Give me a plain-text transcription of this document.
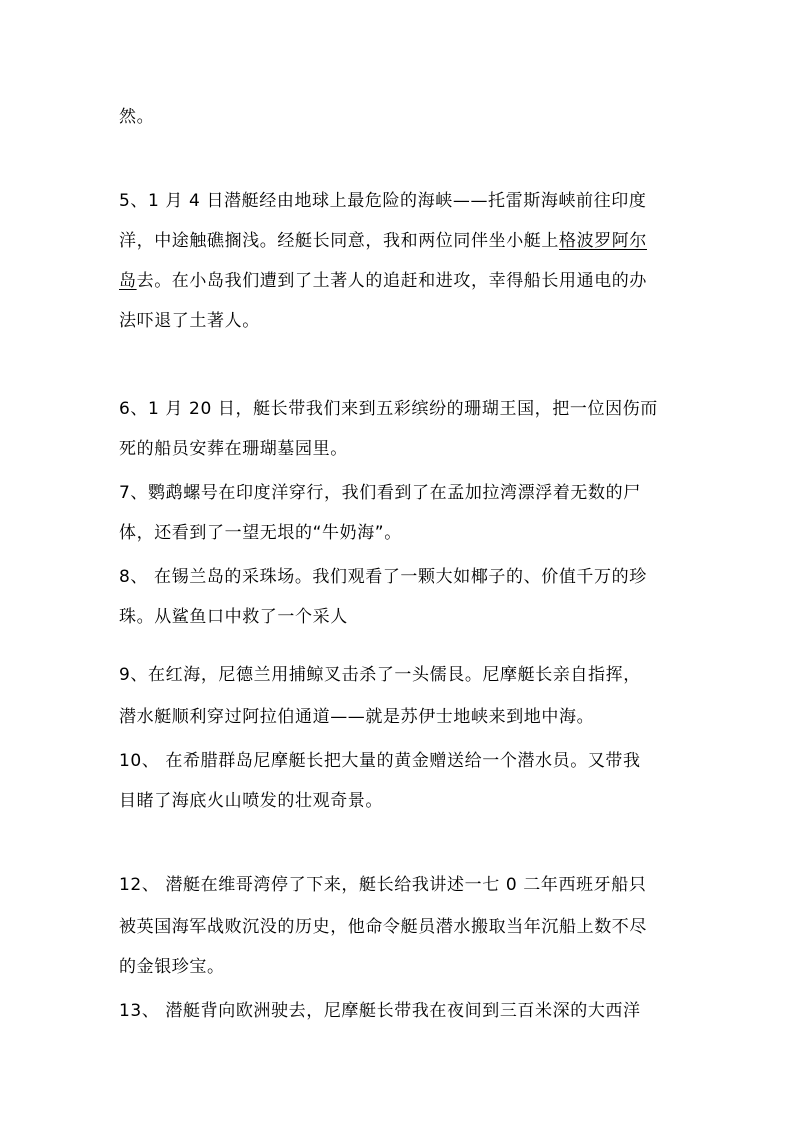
然。
5、1 月 4 日潜艇经由地球上最危险的海峡——托雷斯海峡前往印度
洋，中途触礁搁浅。经艇长同意，我和两位同伴坐小艇上格波罗阿尔
岛去。在小岛我们遭到了土著人的追赶和进攻，幸得船长用通电的办
法吓退了土著人。
6、1 月 20 日，艇长带我们来到五彩缤纷的珊瑚王国，把一位因伤而
死的船员安葬在珊瑚墓园里。
7、鹦鹉螺号在印度洋穿行，我们看到了在孟加拉湾漂浮着无数的尸
体，还看到了一望无垠的“牛奶海”。
8、 在锡兰岛的采珠场。我们观看了一颗大如椰子的、价值千万的珍
珠。从鲨鱼口中救了一个采人
9、在红海，尼德兰用捕鲸叉击杀了一头儒艮。尼摩艇长亲自指挥，
潜水艇顺利穿过阿拉伯通道——就是苏伊士地峡来到地中海。
10、 在希腊群岛尼摩艇长把大量的黄金赠送给一个潜水员。又带我
目睹了海底火山喷发的壮观奇景。
12、 潜艇在维哥湾停了下来，艇长给我讲述一七 0 二年西班牙船只
被英国海军战败沉没的历史，他命令艇员潜水搬取当年沉船上数不尽
的金银珍宝。
13、 潜艇背向欧洲驶去，尼摩艇长带我在夜间到三百米深的大西洋
